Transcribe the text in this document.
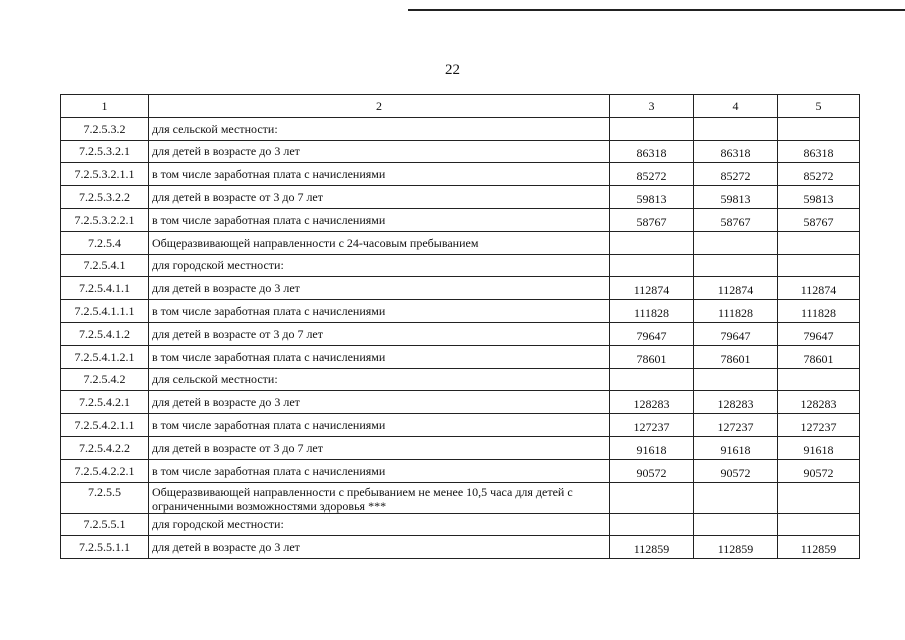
22
1	2	3	4	5
7.2.5.3.2	для сельской местности:			
7.2.5.3.2.1	для детей в возрасте до 3 лет	86318	86318	86318
7.2.5.3.2.1.1	в том числе заработная плата с начислениями	85272	85272	85272
7.2.5.3.2.2	для детей в возрасте от 3 до 7 лет	59813	59813	59813
7.2.5.3.2.2.1	в том числе заработная плата с начислениями	58767	58767	58767
7.2.5.4	Общеразвивающей направленности с 24-часовым пребыванием			
7.2.5.4.1	для городской местности:			
7.2.5.4.1.1	для детей в возрасте до 3 лет	112874	112874	112874
7.2.5.4.1.1.1	в том числе заработная плата с начислениями	111828	111828	111828
7.2.5.4.1.2	для детей в возрасте от 3 до 7 лет	79647	79647	79647
7.2.5.4.1.2.1	в том числе заработная плата с начислениями	78601	78601	78601
7.2.5.4.2	для сельской местности:			
7.2.5.4.2.1	для детей в возрасте до 3 лет	128283	128283	128283
7.2.5.4.2.1.1	в том числе заработная плата с начислениями	127237	127237	127237
7.2.5.4.2.2	для детей в возрасте от 3 до 7 лет	91618	91618	91618
7.2.5.4.2.2.1	в том числе заработная плата с начислениями	90572	90572	90572
7.2.5.5	Общеразвивающей направленности с пребыванием не менее 10,5 часа для детей с ограниченными возможностями здоровья ***			
7.2.5.5.1	для городской местности:			
7.2.5.5.1.1	для детей в возрасте до 3 лет	112859	112859	112859
